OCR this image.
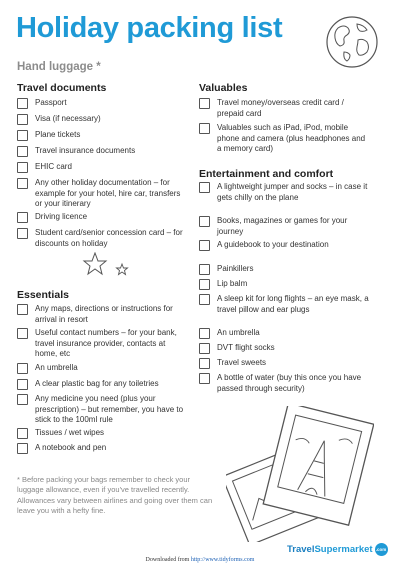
Holiday packing list
Hand luggage *
Travel documents
Passport
Visa (if necessary)
Plane tickets
Travel insurance documents
EHIC card
Any other holiday documentation – for example for your hotel, hire car, transfers or your itinerary
Driving licence
Student card/senior concession card – for discounts on holiday
Essentials
Any maps, directions or instructions for arrival in resort
Useful contact numbers – for your bank, travel insurance provider, contacts at home, etc
An umbrella
A clear plastic bag for any toiletries
Any medicine you need (plus your prescription) – but remember, you have to stick to the 100ml rule
Tissues / wet wipes
A notebook and pen
* Before packing your bags remember to check your luggage allowance, even if you've travelled recently. Allowances vary between airlines and going over them can leave you with a hefty fine.
Valuables
Travel money/overseas credit card / prepaid card
Valuables such as iPad, iPod, mobile phone and camera (plus headphones and a memory card)
Entertainment and comfort
A lightweight jumper and socks – in case it gets chilly on the plane
Books, magazines or games for your journey
A guidebook to your destination
Painkillers
Lip balm
A sleep kit for long flights – an eye mask, a travel pillow and ear plugs
An umbrella
DVT flight socks
Travel sweets
A bottle of water (buy this once you have passed through security)
Travel Supermarket .com
Downloaded from http://www.tidyforms.com
